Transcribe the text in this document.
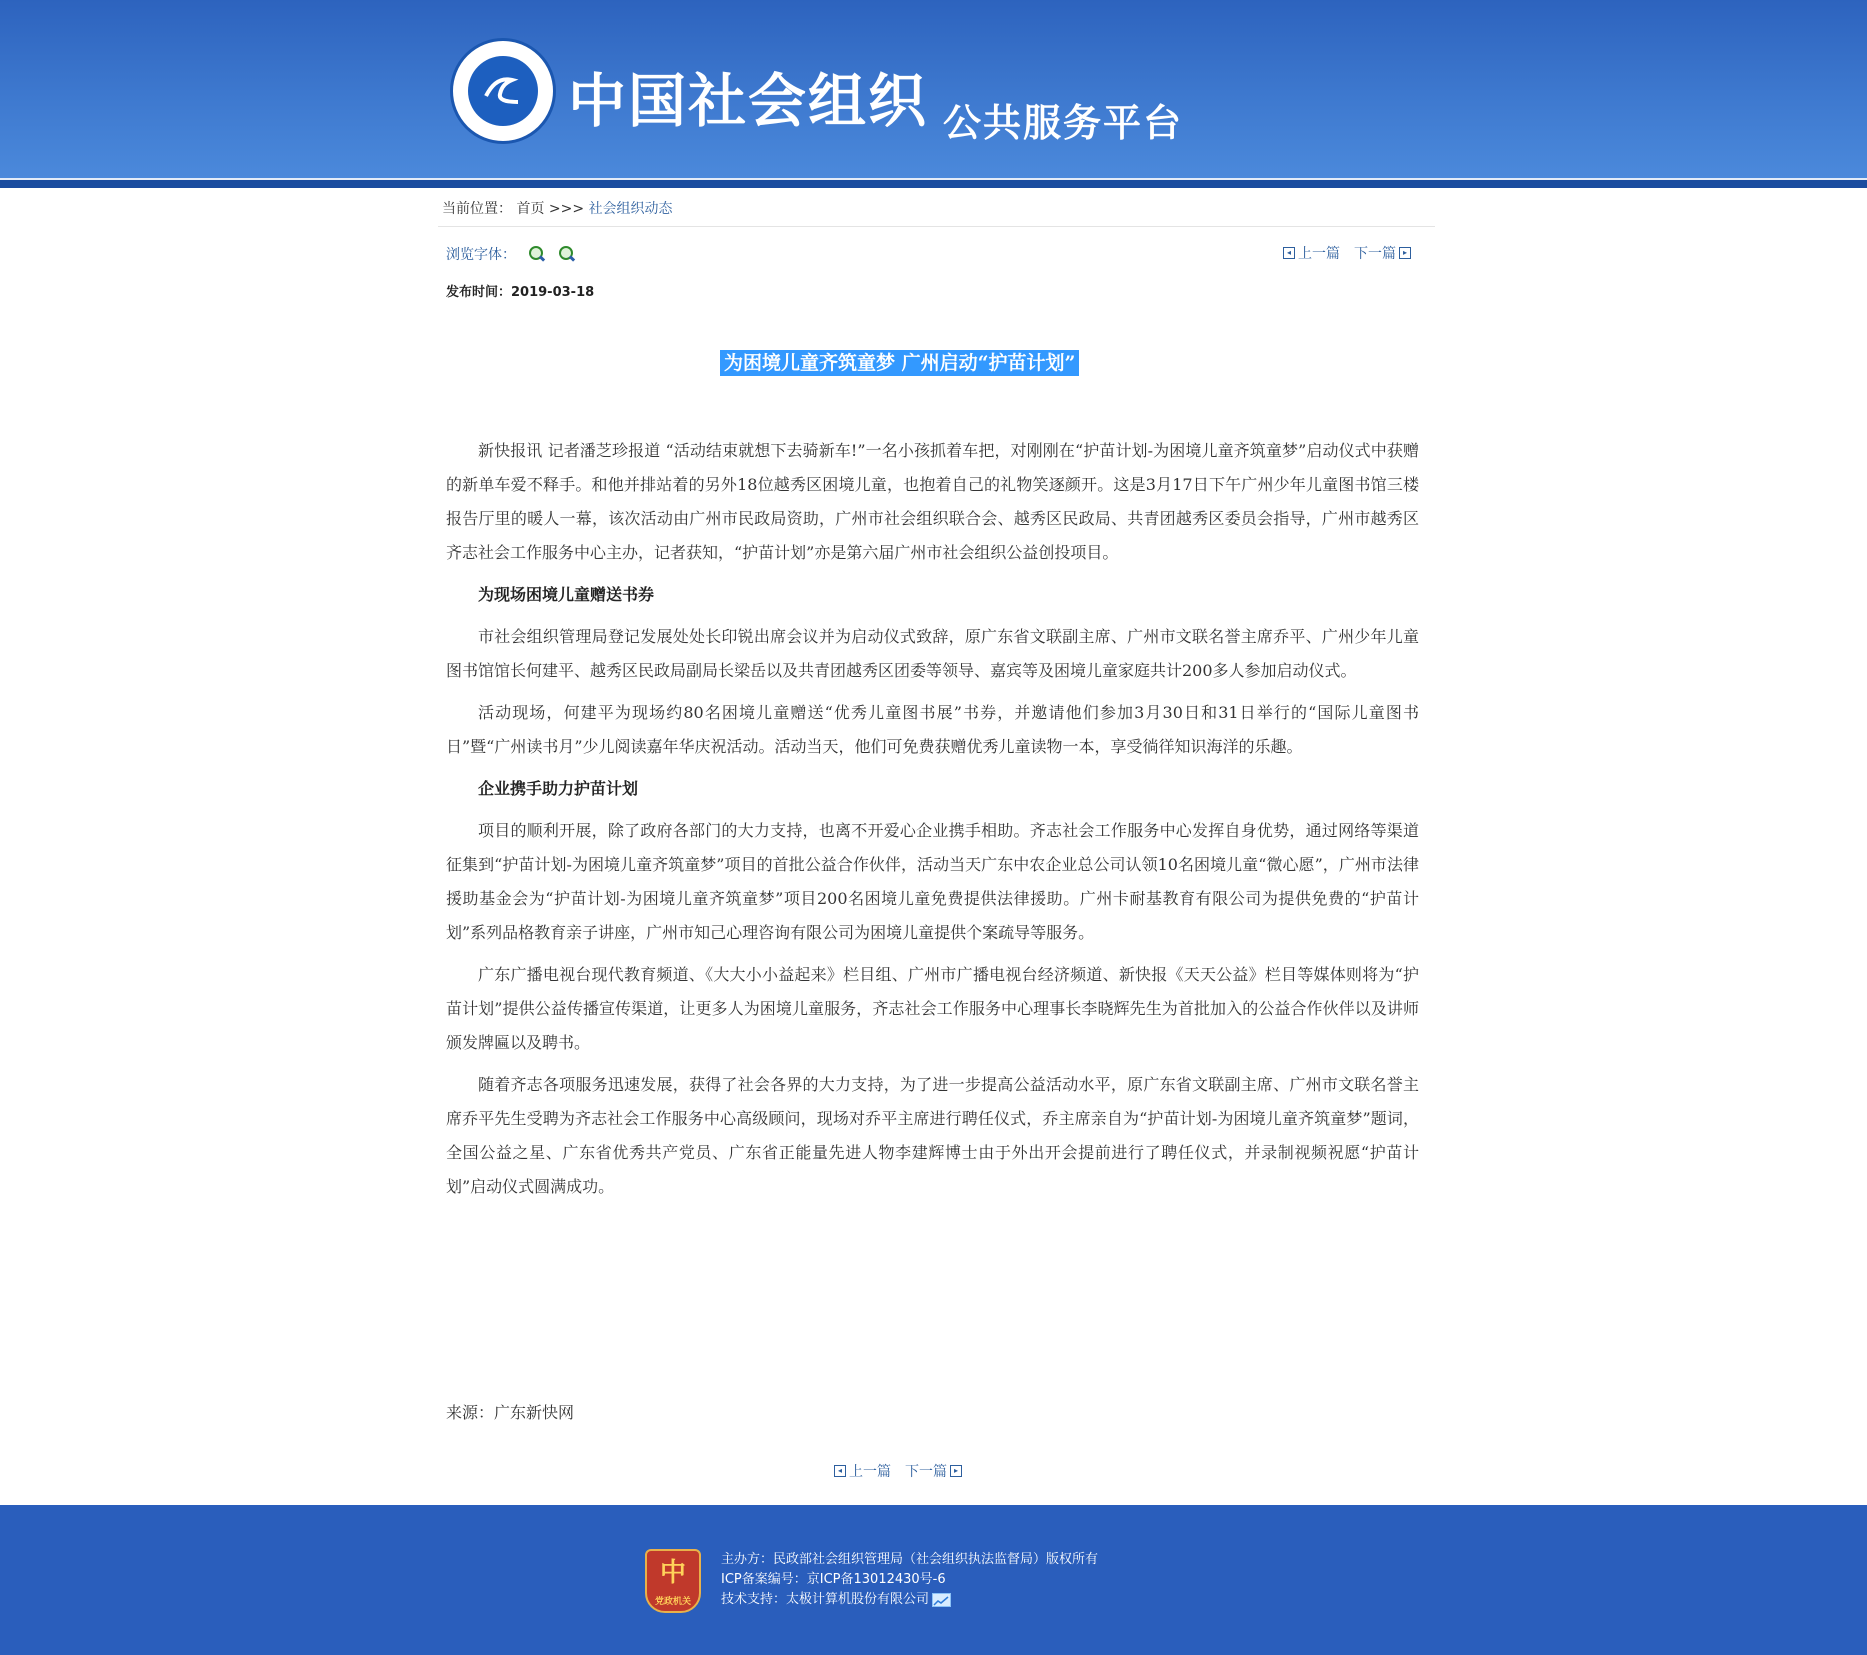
中国社会组织 公共服务平台
当前位置： 首页 >>> 社会组织动态
浏览字体：	◂ 上一篇 下一篇 ▸
发布时间：2019-03-18
为困境儿童齐筑童梦 广州启动“护苗计划”

新快报讯 记者潘芝珍报道 “活动结束就想下去骑新车!”一名小孩抓着车把，对刚刚在“护苗计划-为困境儿童齐筑童梦”启动仪式中获赠的新单车爱不释手。和他并排站着的另外18位越秀区困境儿童，也抱着自己的礼物笑逐颜开。这是3月17日下午广州少年儿童图书馆三楼报告厅里的暖人一幕，该次活动由广州市民政局资助，广州市社会组织联合会、越秀区民政局、共青团越秀区委员会指导，广州市越秀区齐志社会工作服务中心主办，记者获知，“护苗计划”亦是第六届广州市社会组织公益创投项目。

为现场困境儿童赠送书券

市社会组织管理局登记发展处处长印锐出席会议并为启动仪式致辞，原广东省文联副主席、广州市文联名誉主席乔平、广州少年儿童图书馆馆长何建平、越秀区民政局副局长梁岳以及共青团越秀区团委等领导、嘉宾等及困境儿童家庭共计200多人参加启动仪式。

活动现场，何建平为现场约80名困境儿童赠送“优秀儿童图书展”书券，并邀请他们参加3月30日和31日举行的“国际儿童图书日”暨“广州读书月”少儿阅读嘉年华庆祝活动。活动当天，他们可免费获赠优秀儿童读物一本，享受徜徉知识海洋的乐趣。

企业携手助力护苗计划

项目的顺利开展，除了政府各部门的大力支持，也离不开爱心企业携手相助。齐志社会工作服务中心发挥自身优势，通过网络等渠道征集到“护苗计划-为困境儿童齐筑童梦”项目的首批公益合作伙伴，活动当天广东中农企业总公司认领10名困境儿童“微心愿”，广州市法律援助基金会为“护苗计划-为困境儿童齐筑童梦”项目200名困境儿童免费提供法律援助。广州卡耐基教育有限公司为提供免费的“护苗计划”系列品格教育亲子讲座，广州市知己心理咨询有限公司为困境儿童提供个案疏导等服务。

广东广播电视台现代教育频道、《大大小小益起来》栏目组、广州市广播电视台经济频道、新快报《天天公益》栏目等媒体则将为“护苗计划”提供公益传播宣传渠道，让更多人为困境儿童服务，齐志社会工作服务中心理事长李晓辉先生为首批加入的公益合作伙伴以及讲师颁发牌匾以及聘书。

随着齐志各项服务迅速发展，获得了社会各界的大力支持，为了进一步提高公益活动水平，原广东省文联副主席、广州市文联名誉主席乔平先生受聘为齐志社会工作服务中心高级顾问，现场对乔平主席进行聘任仪式，乔主席亲自为“护苗计划-为困境儿童齐筑童梦”题词，全国公益之星、广东省优秀共产党员、广东省正能量先进人物李建辉博士由于外出开会提前进行了聘任仪式，并录制视频祝愿“护苗计划”启动仪式圆满成功。

来源：广东新快网
◂ 上一篇 下一篇 ▸
中
党政机关
主办方：民政部社会组织管理局（社会组织执法监督局）版权所有
ICP备案编号：京ICP备13012430号-6
技术支持：太极计算机股份有限公司
